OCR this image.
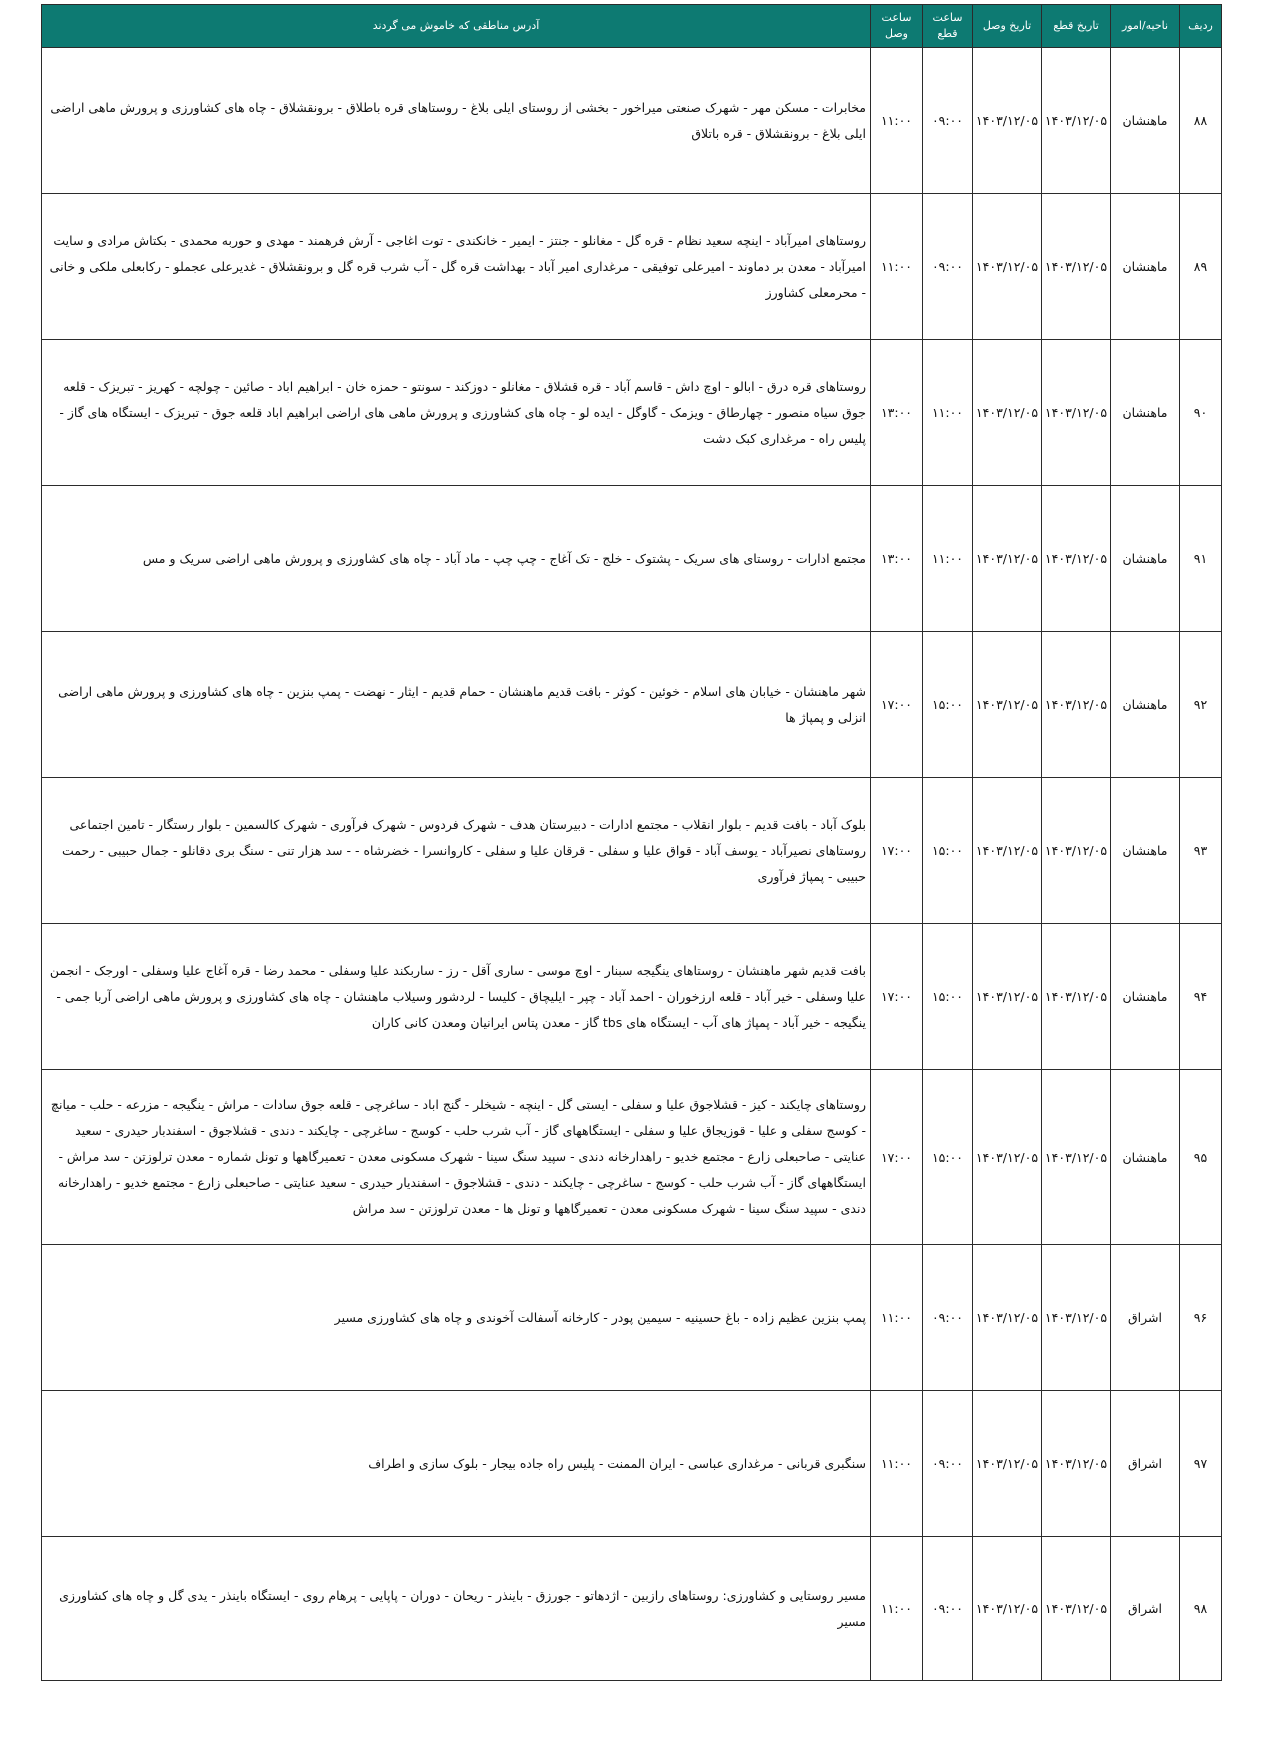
ردیف	ناحیه/امور	تاریخ قطع	تاریخ وصل	ساعت قطع	ساعت وصل	آدرس مناطقی که خاموش می گردند
۸۸	ماهنشان	۱۴۰۳/۱۲/۰۵	۱۴۰۳/۱۲/۰۵	۰۹:۰۰	۱۱:۰۰	مخابرات - مسکن مهر - شهرک صنعتی میراخور - بخشی از روستای ایلی بلاغ - روستاهای قره باطلاق - برونقشلاق - چاه های کشاورزی و پرورش ماهی اراضی ایلی بلاغ - برونقشلاق - قره باتلاق
۸۹	ماهنشان	۱۴۰۳/۱۲/۰۵	۱۴۰۳/۱۲/۰۵	۰۹:۰۰	۱۱:۰۰	روستاهای امیرآباد - اینچه سعید نظام - قره گل - مغانلو - جنتز - ایمیر - خانکندی - توت اغاجی - آرش فرهمند - مهدی و حوربه محمدی - بکتاش مرادی و سایت امیرآباد - معدن بر دماوند - امیرعلی توفیقی - مرغداری امیر آباد - بهداشت قره گل - آب شرب قره گل و برونقشلاق - غدیرعلی عجملو - رکابعلی ملکی و خانی - محرمعلی کشاورز
۹۰	ماهنشان	۱۴۰۳/۱۲/۰۵	۱۴۰۳/۱۲/۰۵	۱۱:۰۰	۱۳:۰۰	روستاهای قره درق - ابالو - اوچ داش - قاسم آباد - قره قشلاق - مغانلو - دوزکند - سونتو - حمزه خان - ابراهیم اباد - صائین - چولچه - کهریز - تبریزک - قلعه جوق سیاه منصور - چهارطاق - ویزمک - گاوگل - ایده لو - چاه های کشاورزی و پرورش ماهی های اراضی ابراهیم اباد قلعه جوق - تبریزک - ایستگاه های گاز - پلیس راه - مرغداری کبک دشت
۹۱	ماهنشان	۱۴۰۳/۱۲/۰۵	۱۴۰۳/۱۲/۰۵	۱۱:۰۰	۱۳:۰۰	مجتمع ادارات - روستای های سریک - پشتوک - خلج - تک آغاج - چپ چپ - ماد آباد - چاه های کشاورزی و پرورش ماهی اراضی سریک و مس
۹۲	ماهنشان	۱۴۰۳/۱۲/۰۵	۱۴۰۳/۱۲/۰۵	۱۵:۰۰	۱۷:۰۰	شهر ماهنشان - خیابان های اسلام - خوئین - کوثر - بافت قدیم ماهنشان - حمام قدیم - ایثار - نهضت - پمپ بنزین - چاه های کشاورزی و پرورش ماهی اراضی انزلی و پمپاژ ها
۹۳	ماهنشان	۱۴۰۳/۱۲/۰۵	۱۴۰۳/۱۲/۰۵	۱۵:۰۰	۱۷:۰۰	بلوک آباد - بافت قدیم - بلوار انقلاب - مجتمع ادارات - دبیرستان هدف - شهرک فردوس - شهرک فرآوری - شهرک کالسمین - بلوار رستگار - تامین اجتماعی روستاهای نصیرآباد - یوسف آباد - قواق علیا و سفلی - قرقان علیا و سفلی - کاروانسرا - خضرشاه - - سد هزار تنی - سنگ بری دقانلو - جمال حبیبی - رحمت حبیبی - پمپاژ فرآوری
۹۴	ماهنشان	۱۴۰۳/۱۲/۰۵	۱۴۰۳/۱۲/۰۵	۱۵:۰۰	۱۷:۰۰	بافت قدیم شهر ماهنشان - روستاهای ینگیجه سبنار - اوچ موسی - ساری آقل - رز - ساربکند علیا وسفلی - محمد رضا - قره آغاج علیا وسفلی - اورجک - انجمن علیا وسفلی - خیر آباد - قلعه ارزخوران - احمد آباد - چپر - ایلیچاق - کلیسا - لردشور وسیلاب ماهنشان - چاه های کشاورزی و پرورش ماهی اراضی آربا جمی - ینگیجه - خیر آباد - پمپاژ های آب - ایستگاه های tbs گاز - معدن پتاس ایرانیان ومعدن کانی کاران
۹۵	ماهنشان	۱۴۰۳/۱۲/۰۵	۱۴۰۳/۱۲/۰۵	۱۵:۰۰	۱۷:۰۰	روستاهای چایکند - کیز - قشلاجوق علیا و سفلی - ایستی گل - اینچه - شیخلر - گنج اباد - ساغرچی - قلعه جوق سادات - مراش - ینگیجه - مزرعه - حلب - میانچ - کوسج سفلی و علیا - قوزیجاق علیا و سفلی - ایستگاههای گاز - آب شرب حلب - کوسج - ساغرچی - چایکند - دندی - قشلاجوق - اسفندبار حیدری - سعید عنایتی - صاحبعلی زارع - مجتمع خدیو - راهدارخانه دندی - سپید سنگ سینا - شهرک مسکونی معدن - تعمیرگاهها و تونل شماره - معدن ترلوزتن - سد مراش - ایستگاههای گاز - آب شرب حلب - کوسج - ساغرچی - چایکند - دندی - قشلاجوق - اسفندیار حیدری - سعید عنایتی - صاحبعلی زارع - مجتمع خدیو - راهدارخانه دندی - سپید سنگ سینا - شهرک مسکونی معدن - تعمیرگاهها و تونل ها - معدن ترلوزتن - سد مراش
۹۶	اشراق	۱۴۰۳/۱۲/۰۵	۱۴۰۳/۱۲/۰۵	۰۹:۰۰	۱۱:۰۰	پمپ بنزین عظیم زاده - باغ حسینیه - سیمین پودر - کارخانه آسفالت آخوندی و چاه های کشاورزی مسیر
۹۷	اشراق	۱۴۰۳/۱۲/۰۵	۱۴۰۳/۱۲/۰۵	۰۹:۰۰	۱۱:۰۰	سنگبری قربانی - مرغداری عباسی - ایران الممنت - پلیس راه جاده بیجار - بلوک سازی و اطراف
۹۸	اشراق	۱۴۰۳/۱۲/۰۵	۱۴۰۳/۱۲/۰۵	۰۹:۰۰	۱۱:۰۰	مسیر روستایی و کشاورزی: روستاهای رازبین - اژدهاتو - جورزق - باینذر - ریحان - دوران - پاپایی - پرهام روی - ایستگاه باینذر - یدی گل و چاه های کشاورزی مسیر
